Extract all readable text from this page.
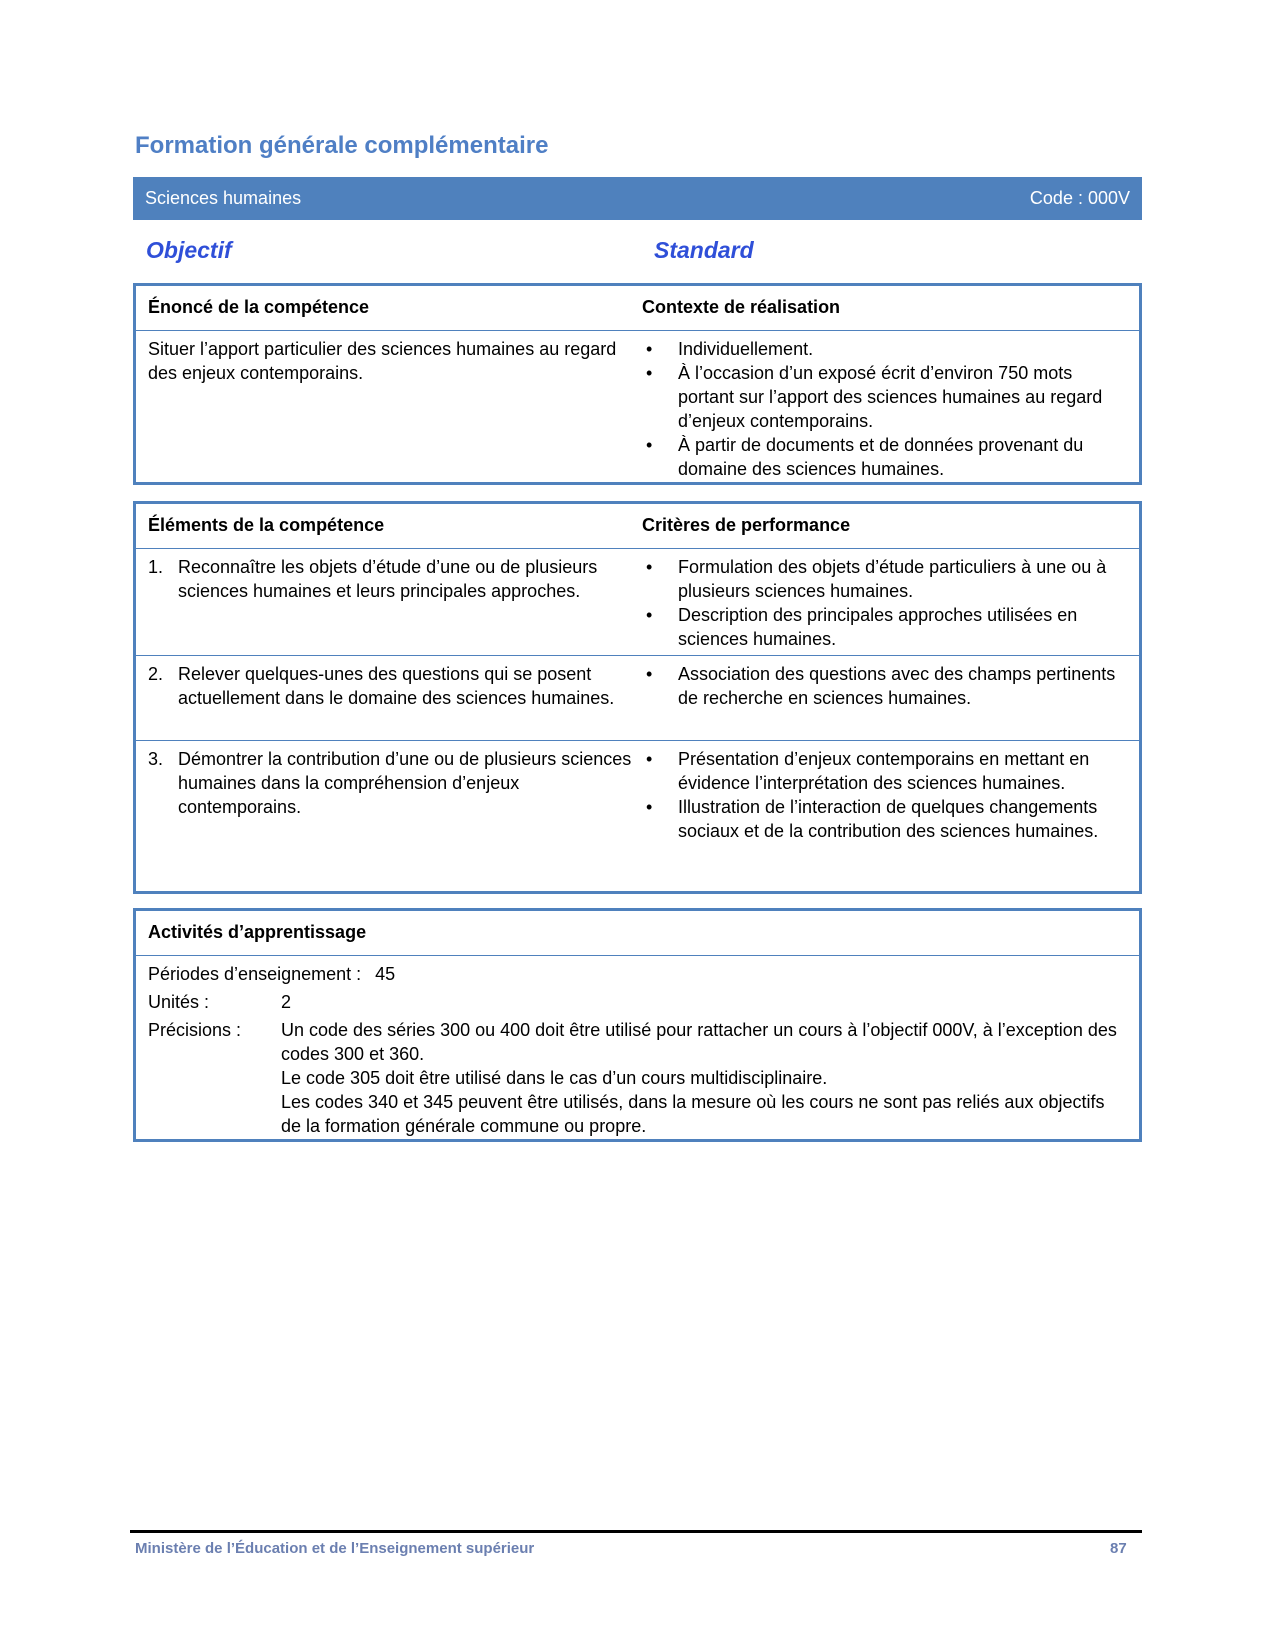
Formation générale complémentaire
Sciences humaines	Code : 000V
Objectif	Standard
Énoncé de la compétence	Contexte de réalisation
Situer l’apport particulier des sciences humaines au regard des enjeux contemporains.
•	Individuellement.
•	À l’occasion d’un exposé écrit d’environ 750 mots portant sur l’apport des sciences humaines au regard d’enjeux contemporains.
•	À partir de documents et de données provenant du domaine des sciences humaines.
Éléments de la compétence	Critères de performance
1. Reconnaître les objets d’étude d’une ou de plusieurs sciences humaines et leurs principales approches.
•	Formulation des objets d’étude particuliers à une ou à plusieurs sciences humaines.
•	Description des principales approches utilisées en sciences humaines.
2. Relever quelques-unes des questions qui se posent actuellement dans le domaine des sciences humaines.
•	Association des questions avec des champs pertinents de recherche en sciences humaines.
3. Démontrer la contribution d’une ou de plusieurs sciences humaines dans la compréhension d’enjeux contemporains.
•	Présentation d’enjeux contemporains en mettant en évidence l’interprétation des sciences humaines.
•	Illustration de l’interaction de quelques changements sociaux et de la contribution des sciences humaines.
Activités d’apprentissage
Périodes d’enseignement : 45
Unités :	2
Précisions :	Un code des séries 300 ou 400 doit être utilisé pour rattacher un cours à l’objectif 000V, à l’exception des codes 300 et 360.
Le code 305 doit être utilisé dans le cas d’un cours multidisciplinaire.
Les codes 340 et 345 peuvent être utilisés, dans la mesure où les cours ne sont pas reliés aux objectifs de la formation générale commune ou propre.
Ministère de l’Éducation et de l’Enseignement supérieur	87
